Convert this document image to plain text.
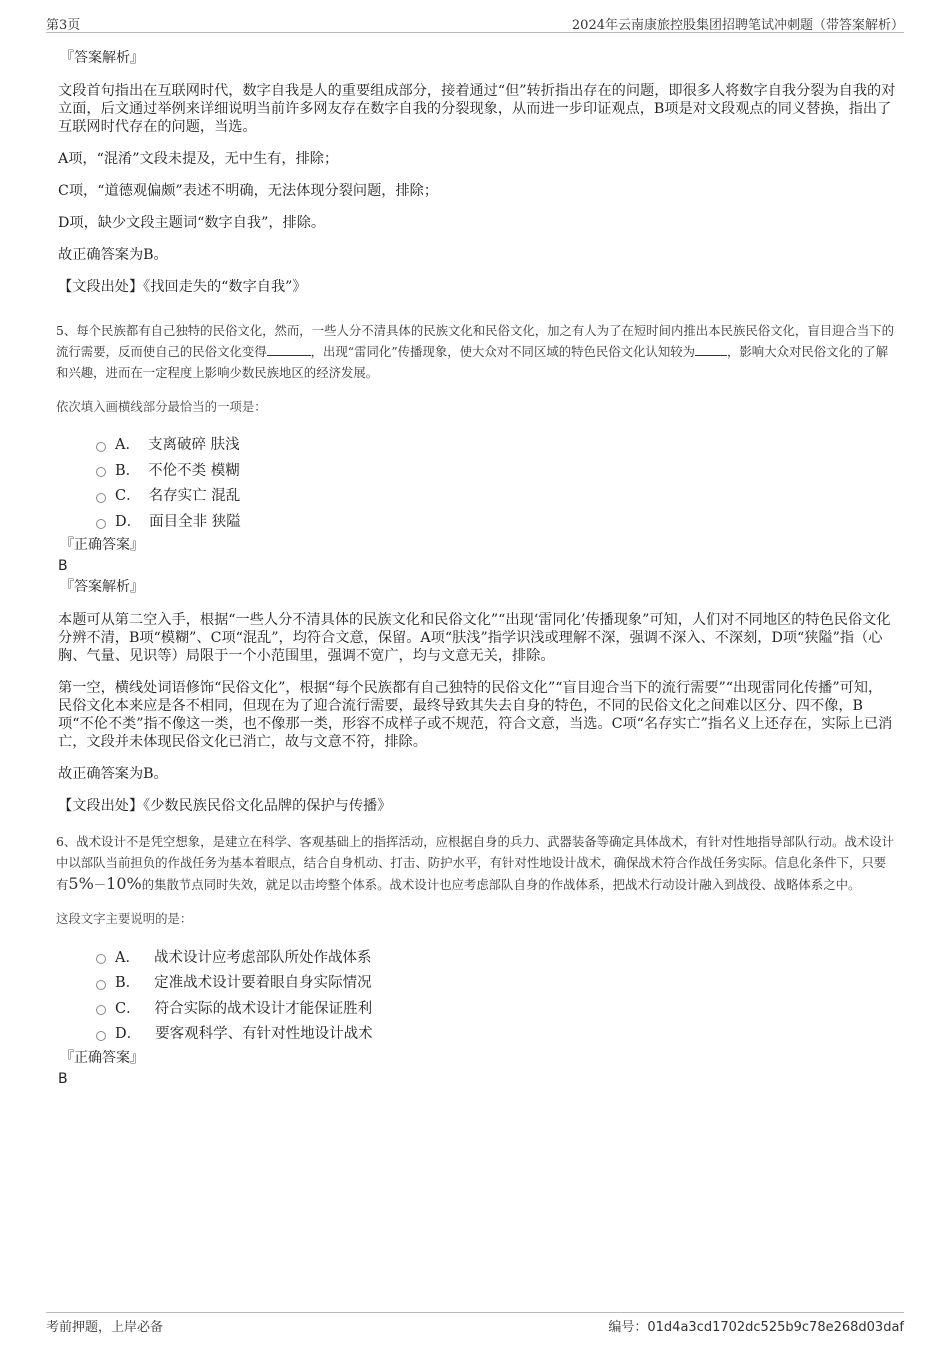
第3页	2024年云南康旅控股集团招聘笔试冲刺题（带答案解析）
『答案解析』
文段首句指出在互联网时代，数字自我是人的重要组成部分，接着通过“但”转折指出存在的问题，即很多人将数字自我分裂为自我的对立面，后文通过举例来详细说明当前许多网友存在数字自我的分裂现象，从而进一步印证观点，B项是对文段观点的同义替换，指出了互联网时代存在的问题，当选。
A项，“混淆”文段未提及，无中生有，排除；
C项，“道德观偏颇”表述不明确，无法体现分裂问题，排除；
D项，缺少文段主题词“数字自我”，排除。
故正确答案为B。
【文段出处】《找回走失的“数字自我”》
5、每个民族都有自己独特的民俗文化，然而，一些人分不清具体的民族文化和民俗文化，加之有人为了在短时间内推出本民族民俗文化，盲目迎合当下的流行需要，反而使自己的民俗文化变得	，出现“雷同化”传播现象，使大众对不同区域的特色民俗文化认知较为	，影响大众对民俗文化的了解和兴趣，进而在一定程度上影响少数民族地区的经济发展。
依次填入画横线部分最恰当的一项是：
A． 支离破碎 肤浅
B． 不伦不类 模糊
C． 名存实亡 混乱
D． 面目全非 狭隘
『正确答案』
B
『答案解析』
本题可从第二空入手，根据“一些人分不清具体的民族文化和民俗文化”“出现‘雷同化’传播现象”可知，人们对不同地区的特色民俗文化分辨不清，B项“模糊”、C项“混乱”，均符合文意，保留。A项“肤浅”指学识浅或理解不深，强调不深入、不深刻，D项“狭隘”指（心胸、气量、见识等）局限于一个小范围里，强调不宽广，均与文意无关，排除。
第一空，横线处词语修饰“民俗文化”，根据“每个民族都有自己独特的民俗文化”“盲目迎合当下的流行需要”“出现雷同化传播”可知，民俗文化本来应是各不相同，但现在为了迎合流行需要，最终导致其失去自身的特色，不同的民俗文化之间难以区分、四不像，B项“不伦不类”指不像这一类，也不像那一类，形容不成样子或不规范，符合文意，当选。C项“名存实亡”指名义上还存在，实际上已消亡，文段并未体现民俗文化已消亡，故与文意不符，排除。
故正确答案为B。
【文段出处】《少数民族民俗文化品牌的保护与传播》
6、战术设计不是凭空想象，是建立在科学、客观基础上的指挥活动，应根据自身的兵力、武器装备等确定具体战术，有针对性地指导部队行动。战术设计中以部队当前担负的作战任务为基本着眼点，结合自身机动、打击、防护水平，有针对性地设计战术，确保战术符合作战任务实际。信息化条件下，只要有5%－10%的集散节点同时失效，就足以击垮整个体系。战术设计也应考虑部队自身的作战体系，把战术行动设计融入到战役、战略体系之中。
这段文字主要说明的是：
A． 战术设计应考虑部队所处作战体系
B． 定准战术设计要着眼自身实际情况
C． 符合实际的战术设计才能保证胜利
D． 要客观科学、有针对性地设计战术
『正确答案』
B
考前押题，上岸必备	编号：01d4a3cd1702dc525b9c78e268d03daf
